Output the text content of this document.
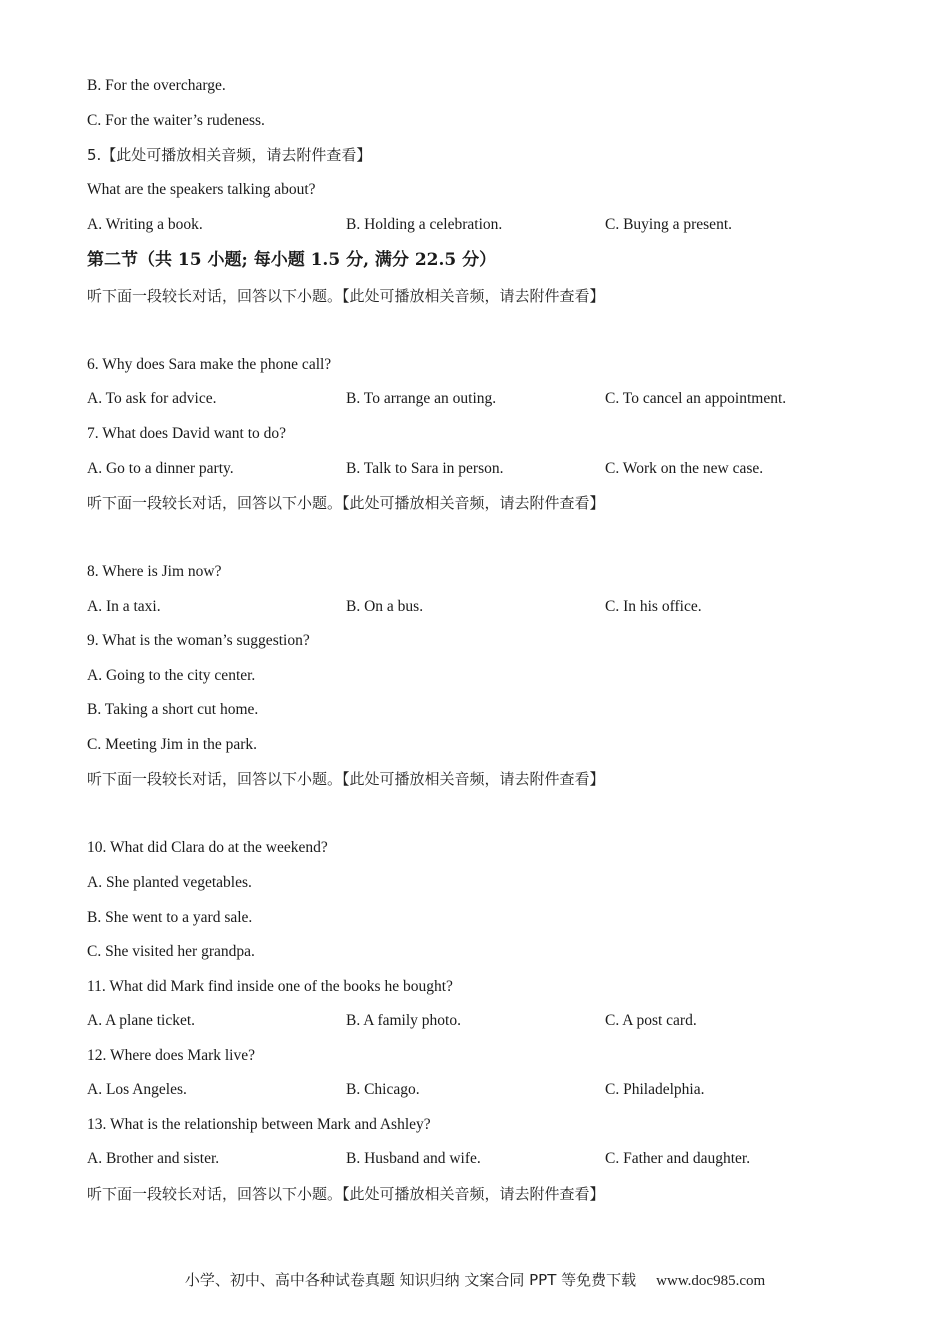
B. For the overcharge.
C. For the waiter’s rudeness.
5.【此处可播放相关音频，请去附件查看】
What are the speakers talking about?
A. Writing a book.	B. Holding a celebration.	C. Buying a present.
第二节（共 15 小题; 每小题 1.5 分, 满分 22.5 分）
听下面一段较长对话，回答以下小题。【此处可播放相关音频，请去附件查看】
6. Why does Sara make the phone call?
A. To ask for advice.	B. To arrange an outing.	C. To cancel an appointment.
7. What does David want to do?
A. Go to a dinner party.	B. Talk to Sara in person.	C. Work on the new case.
听下面一段较长对话，回答以下小题。【此处可播放相关音频，请去附件查看】
8. Where is Jim now?
A. In a taxi.	B. On a bus.	C. In his office.
9. What is the woman’s suggestion?
A. Going to the city center.
B. Taking a short cut home.
C. Meeting Jim in the park.
听下面一段较长对话，回答以下小题。【此处可播放相关音频，请去附件查看】
10. What did Clara do at the weekend?
A. She planted vegetables.
B. She went to a yard sale.
C. She visited her grandpa.
11. What did Mark find inside one of the books he bought?
A. A plane ticket.	B. A family photo.	C. A post card.
12. Where does Mark live?
A. Los Angeles.	B. Chicago.	C. Philadelphia.
13. What is the relationship between Mark and Ashley?
A. Brother and sister.	B. Husband and wife.	C. Father and daughter.
听下面一段较长对话，回答以下小题。【此处可播放相关音频，请去附件查看】
小学、初中、高中各种试卷真题 知识归纳 文案合同 PPT 等免费下载 www.doc985.com
